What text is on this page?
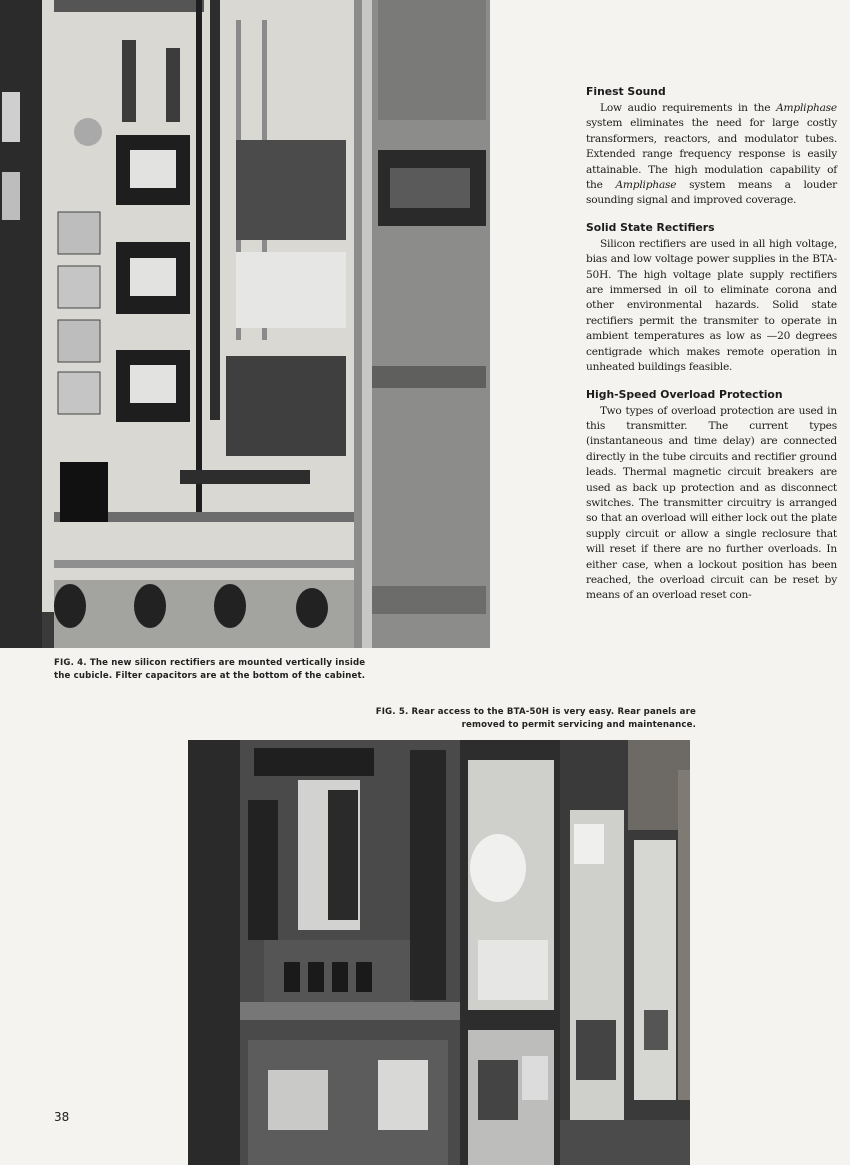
FIG. 4. The new silicon rectifiers are mounted vertically inside the cubicle. Filter capacitors are at the bottom of the cabinet.

Finest Sound

Low audio requirements in the Ampliphase system eliminates the need for large costly transformers, reactors, and modulator tubes. Extended range frequency response is easily attainable. The high modulation capability of the Ampliphase system means a louder sounding signal and improved coverage.

Solid State Rectifiers

Silicon rectifiers are used in all high voltage, bias and low voltage power supplies in the BTA-50H. The high voltage plate supply rectifiers are immersed in oil to eliminate corona and other environmental hazards. Solid state rectifiers permit the transmiter to operate in ambient temperatures as low as —20 degrees centigrade which makes remote operation in unheated buildings feasible.

High-Speed Overload Protection

Two types of overload protection are used in this transmitter. The current types (instantaneous and time delay) are connected directly in the tube circuits and rectifier ground leads. Thermal magnetic circuit breakers are used as back up protection and as disconnect switches. The transmitter circuitry is arranged so that an overload will either lock out the plate supply circuit or allow a single reclosure that will reset if there are no further overloads. In either case, when a lockout position has been reached, the overload circuit can be reset by means of an overload reset con-

FIG. 5. Rear access to the BTA-50H is very easy. Rear panels are removed to permit servicing and maintenance.

38
